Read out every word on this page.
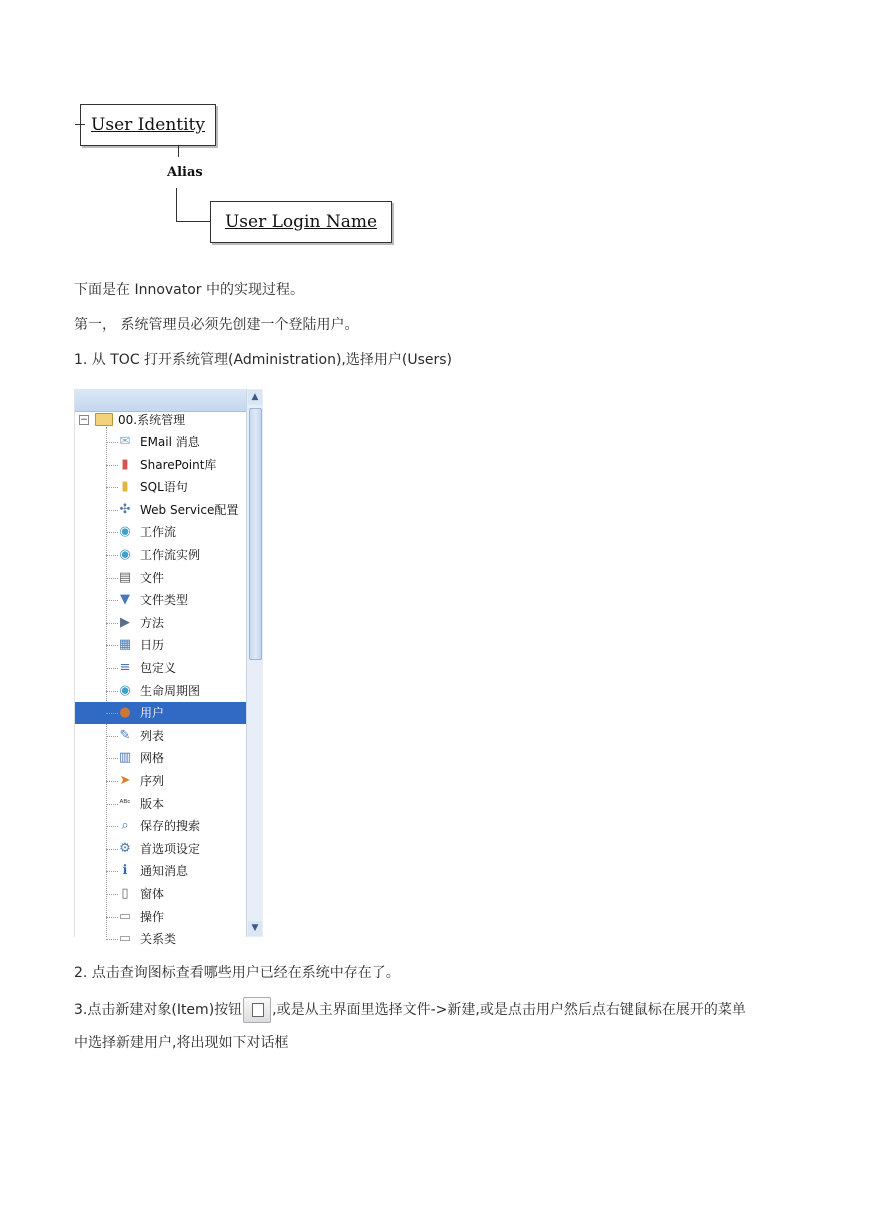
User Identity
Alias
User Login Name
下面是在 Innovator 中的实现过程。
第一， 系统管理员必须先创建一个登陆用户。
1. 从 TOC 打开系统管理(Administration),选择用户(Users)
▲
▼
−	00.系统管理
✉ EMail 消息
▮ SharePoint库
▮ SQL语句
✣ Web Service配置
◉ 工作流
◉ 工作流实例
▤ 文件
▼ 文件类型
▶ 方法
▦ 日历
≡ 包定义
◉ 生命周期图
● 用户
✎ 列表
▥ 网格
➤ 序列
ᴬᴮᶜ 版本
⌕ 保存的搜索
⚙ 首选项设定
ℹ	通知消息
▯ 窗体
▭ 操作
▭ 关系类
2. 点击查询图标查看哪些用户已经在系统中存在了。
3.点击新建对象(Item)按钮 ,或是从主界面里选择文件->新建,或是点击用户然后点右键鼠标在展开的菜单
中选择新建用户,将出现如下对话框
